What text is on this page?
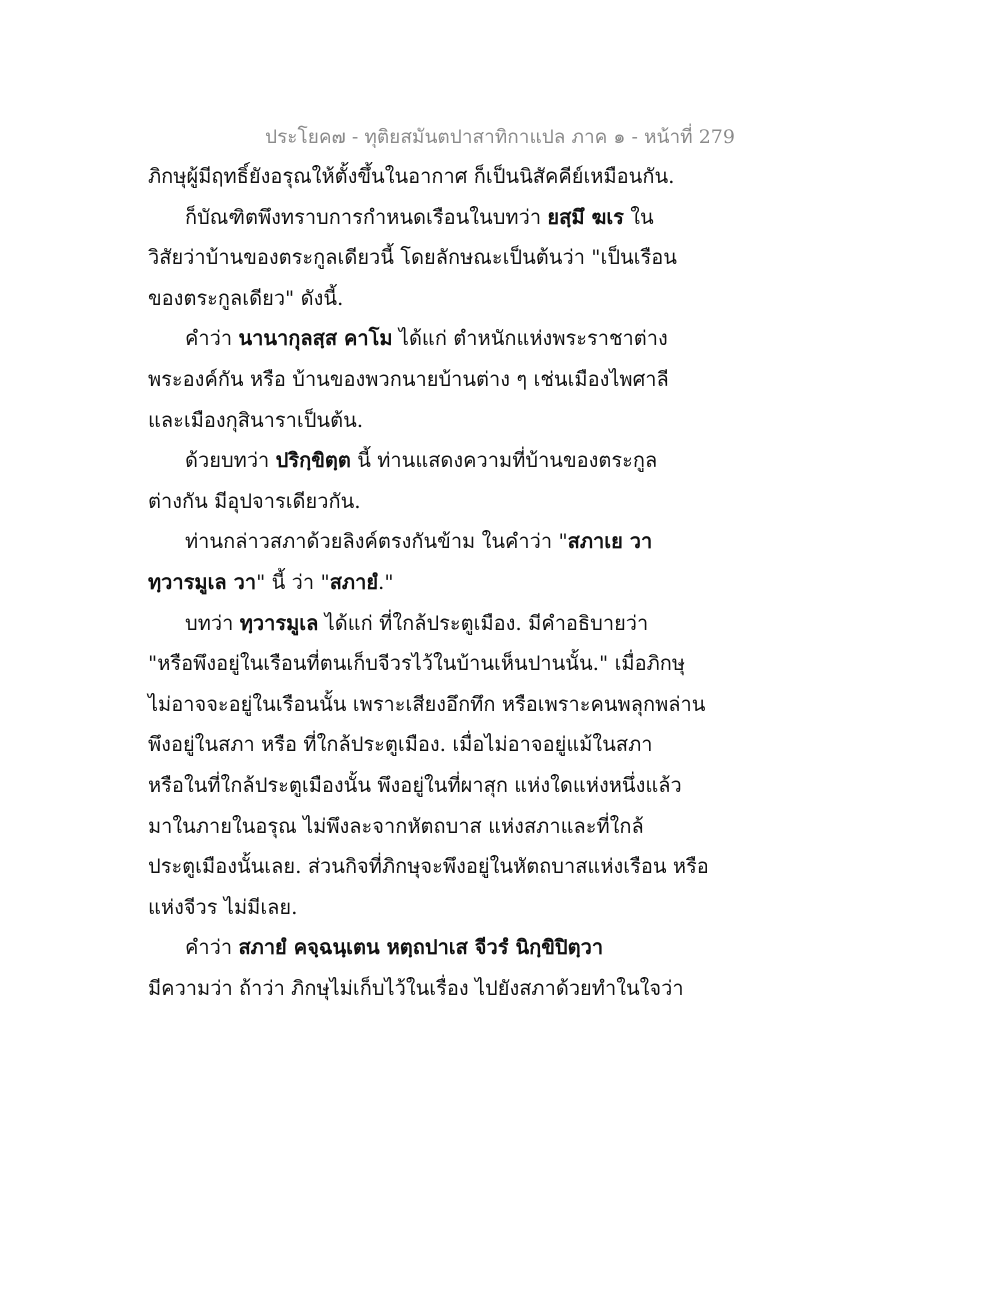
ประโยค๗ - ทุติยสมันตปาสาทิกาแปล ภาค ๑ - หน้าที่ 279
ภิกษุผู้มีฤทธิ์ยังอรุณให้ตั้งขึ้นในอากาศ ก็เป็นนิสัคคีย์เหมือนกัน.
ก็บัณฑิตพึงทราบการกำหนดเรือนในบทว่า ยสฺมึ ฆเร ใน
วิสัยว่าบ้านของตระกูลเดียวนี้ โดยลักษณะเป็นต้นว่า "เป็นเรือน
ของตระกูลเดียว" ดังนี้.
คำว่า นานากุลสฺส คาโม ได้แก่ ตำหนักแห่งพระราชาต่าง
พระองค์กัน หรือ บ้านของพวกนายบ้านต่าง ๆ เช่นเมืองไพศาลี
และเมืองกุสินาราเป็นต้น.
ด้วยบทว่า ปริกฺขิตฺต นี้ ท่านแสดงความที่บ้านของตระกูล
ต่างกัน มีอุปจารเดียวกัน.
ท่านกล่าวสภาด้วยลิงค์ตรงกันข้าม ในคำว่า "สภาเย วา
ทฺวารมูเล วา" นี้ ว่า "สภายํ."
บทว่า ทฺวารมูเล ได้แก่ ที่ใกล้ประตูเมือง. มีคำอธิบายว่า
"หรือพึงอยู่ในเรือนที่ตนเก็บจีวรไว้ในบ้านเห็นปานนั้น." เมื่อภิกษุ
ไม่อาจจะอยู่ในเรือนนั้น เพราะเสียงอึกทึก หรือเพราะคนพลุกพล่าน
พึงอยู่ในสภา หรือ ที่ใกล้ประตูเมือง. เมื่อไม่อาจอยู่แม้ในสภา
หรือในที่ใกล้ประตูเมืองนั้น พึงอยู่ในที่ผาสุก แห่งใดแห่งหนึ่งแล้ว
มาในภายในอรุณ ไม่พึงละจากหัตถบาส แห่งสภาและที่ใกล้
ประตูเมืองนั้นเลย. ส่วนกิจที่ภิกษุจะพึงอยู่ในหัตถบาสแห่งเรือน หรือ
แห่งจีวร ไม่มีเลย.
คำว่า สภายํ คจฺฉนฺเตน หตฺถปาเส จีวรํ นิกฺขิปิตฺวา
มีความว่า ถ้าว่า ภิกษุไม่เก็บไว้ในเรื่อง ไปยังสภาด้วยทำในใจว่า
